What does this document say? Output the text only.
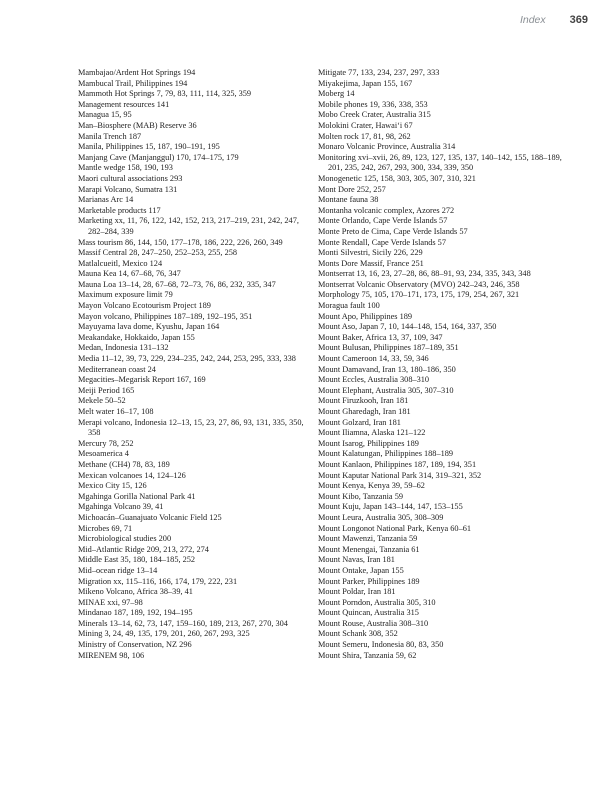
Index 369

Mambajao/Ardent Hot Springs 194

Mambucal Trail, Philippines 194

Mammoth Hot Springs 7, 79, 83, 111, 114, 325, 359

Management resources 141

Managua 15, 95

Man–Biosphere (MAB) Reserve 36

Manila Trench 187

Manila, Philippines 15, 187, 190–191, 195

Manjang Cave (Manjanggul) 170, 174–175, 179

Mantle wedge 158, 190, 193

Maori cultural associations 293

Marapi Volcano, Sumatra 131

Marianas Arc 14

Marketable products 117

Marketing xx, 11, 76, 122, 142, 152, 213, 217–219, 231, 242, 247, 282–284, 339

Mass tourism 86, 144, 150, 177–178, 186, 222, 226, 260, 349

Massif Central 28, 247–250, 252–253, 255, 258

Matlalcueitl, Mexico 124

Mauna Kea 14, 67–68, 76, 347

Mauna Loa 13–14, 28, 67–68, 72–73, 76, 86, 232, 335, 347

Maximum exposure limit 79

Mayon Volcano Ecotourism Project 189

Mayon volcano, Philippines 187–189, 192–195, 351

Mayuyama lava dome, Kyushu, Japan 164

Meakandake, Hokkaido, Japan 155

Medan, Indonesia 131–132

Media 11–12, 39, 73, 229, 234–235, 242, 244, 253, 295, 333, 338

Mediterranean coast 24

Megacities–Megarisk Report 167, 169

Meiji Period 165

Mekele 50–52

Melt water 16–17, 108

Merapi volcano, Indonesia 12–13, 15, 23, 27, 86, 93, 131, 335, 350, 358

Mercury 78, 252

Mesoamerica 4

Methane (CH4) 78, 83, 189

Mexican volcanoes 14, 124–126

Mexico City 15, 126

Mgahinga Gorilla National Park 41

Mgahinga Volcano 39, 41

Michoacán–Guanajuato Volcanic Field 125

Microbes 69, 71

Microbiological studies 200

Mid–Atlantic Ridge 209, 213, 272, 274

Middle East 35, 180, 184–185, 252

Mid–ocean ridge 13–14

Migration xx, 115–116, 166, 174, 179, 222, 231

Mikeno Volcano, Africa 38–39, 41

MINAE xxi, 97–98

Mindanao 187, 189, 192, 194–195

Minerals 13–14, 62, 73, 147, 159–160, 189, 213, 267, 270, 304

Mining 3, 24, 49, 135, 179, 201, 260, 267, 293, 325

Ministry of Conservation, NZ 296

MIRENEM 98, 106

Mitigate 77, 133, 234, 237, 297, 333

Miyakejima, Japan 155, 167

Moberg 14

Mobile phones 19, 336, 338, 353

Mobo Creek Crater, Australia 315

Molokini Crater, Hawai‘i 67

Molten rock 17, 81, 98, 262

Monaro Volcanic Province, Australia 314

Monitoring xvi–xvii, 26, 89, 123, 127, 135, 137, 140–142, 155, 188–189, 201, 235, 242, 267, 293, 300, 334, 339, 350

Monogenetic 125, 158, 303, 305, 307, 310, 321

Mont Dore 252, 257

Montane fauna 38

Montanha volcanic complex, Azores 272

Monte Orlando, Cape Verde Islands 57

Monte Preto de Cima, Cape Verde Islands 57

Monte Rendall, Cape Verde Islands 57

Monti Silvestri, Sicily 226, 229

Monts Dore Massif, France 251

Montserrat 13, 16, 23, 27–28, 86, 88–91, 93, 234, 335, 343, 348

Montserrat Volcanic Observatory (MVO) 242–243, 246, 358

Morphology 75, 105, 170–171, 173, 175, 179, 254, 267, 321

Moragua fault 100

Mount Apo, Philippines 189

Mount Aso, Japan 7, 10, 144–148, 154, 164, 337, 350

Mount Baker, Africa 13, 37, 109, 347

Mount Bulusan, Philippines 187–189, 351

Mount Cameroon 14, 33, 59, 346

Mount Damavand, Iran 13, 180–186, 350

Mount Eccles, Australia 308–310

Mount Elephant, Australia 305, 307–310

Mount Firuzkooh, Iran 181

Mount Gharedagh, Iran 181

Mount Golzard, Iran 181

Mount Iliamna, Alaska 121–122

Mount Isarog, Philippines 189

Mount Kalatungan, Philippines 188–189

Mount Kanlaon, Philippines 187, 189, 194, 351

Mount Kaputar National Park 314, 319–321, 352

Mount Kenya, Kenya 39, 59–62

Mount Kibo, Tanzania 59

Mount Kuju, Japan 143–144, 147, 153–155

Mount Leura, Australia 305, 308–309

Mount Longonot National Park, Kenya 60–61

Mount Mawenzi, Tanzania 59

Mount Menengai, Tanzania 61

Mount Navas, Iran 181

Mount Ontake, Japan 155

Mount Parker, Philippines 189

Mount Poldar, Iran 181

Mount Porndon, Australia 305, 310

Mount Quincan, Australia 315

Mount Rouse, Australia 308–310

Mount Schank 308, 352

Mount Semeru, Indonesia 80, 83, 350

Mount Shira, Tanzania 59, 62
